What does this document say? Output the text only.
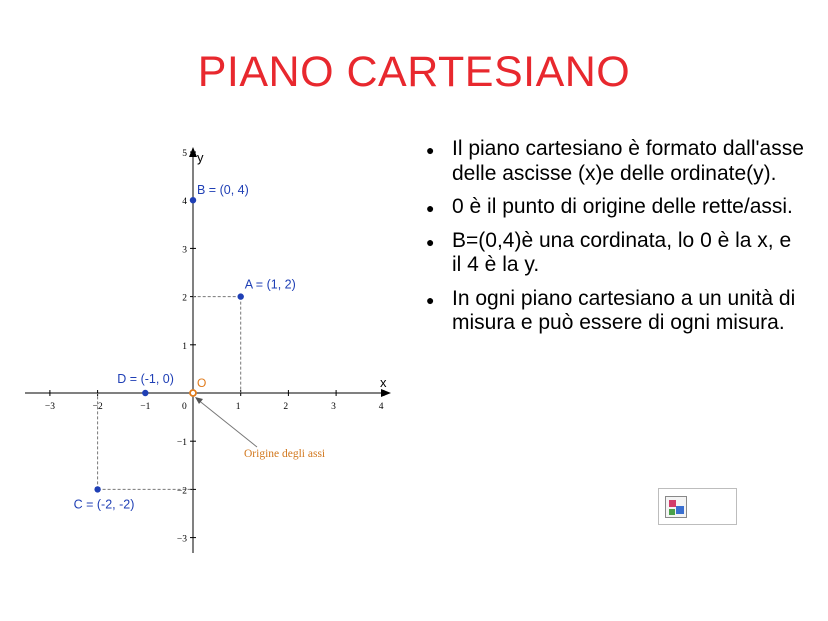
PIANO CARTESIANO
x
y
−3	−2	−1	0	1	2	3	4
5
4
3
2
1
−1
−2
−3
Origine degli assi
O
B = (0, 4)
A = (1, 2)
D = (-1, 0)
C = (-2, -2)
● Il piano cartesiano è formato dall'asse delle ascisse (x)e delle ordinate(y).
● 0 è il punto di origine delle rette/assi.
● B=(0,4)è una cordinata, lo 0 è la x, e il 4 è la y.
● In ogni piano cartesiano a un unità di misura e può essere di ogni misura.
